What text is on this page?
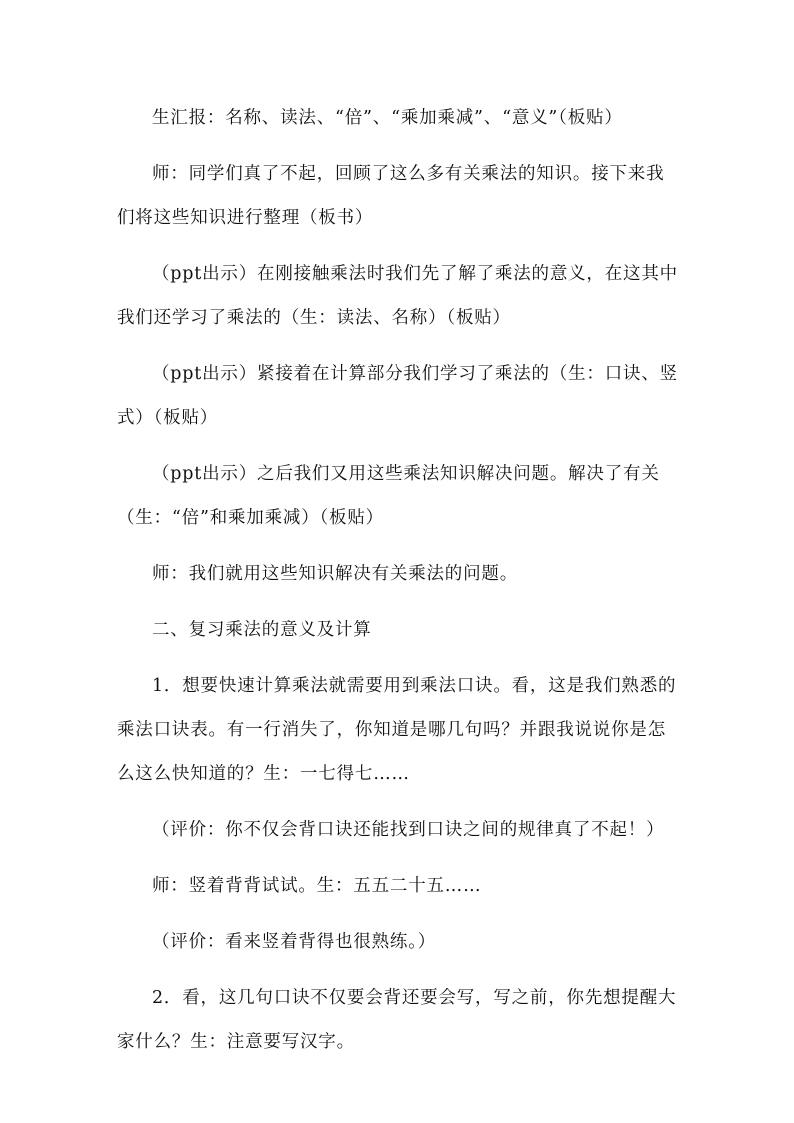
生汇报：名称、读法、“倍”、“乘加乘减”、“意义”（板贴）

师：同学们真了不起，回顾了这么多有关乘法的知识。接下来我们将这些知识进行整理（板书）

（ppt出示）在刚接触乘法时我们先了解了乘法的意义，在这其中我们还学习了乘法的（生：读法、名称）（板贴）

（ppt出示）紧接着在计算部分我们学习了乘法的（生：口诀、竖式）（板贴）

（ppt出示）之后我们又用这些乘法知识解决问题。解决了有关（生：“倍”和乘加乘减）（板贴）

师：我们就用这些知识解决有关乘法的问题。

二、复习乘法的意义及计算

1．想要快速计算乘法就需要用到乘法口诀。看，这是我们熟悉的乘法口诀表。有一行消失了，你知道是哪几句吗？并跟我说说你是怎么这么快知道的？生：一七得七……

（评价：你不仅会背口诀还能找到口诀之间的规律真了不起！）

师：竖着背背试试。生：五五二十五……

（评价：看来竖着背得也很熟练。）

2．看，这几句口诀不仅要会背还要会写，写之前，你先想提醒大家什么？生：注意要写汉字。
